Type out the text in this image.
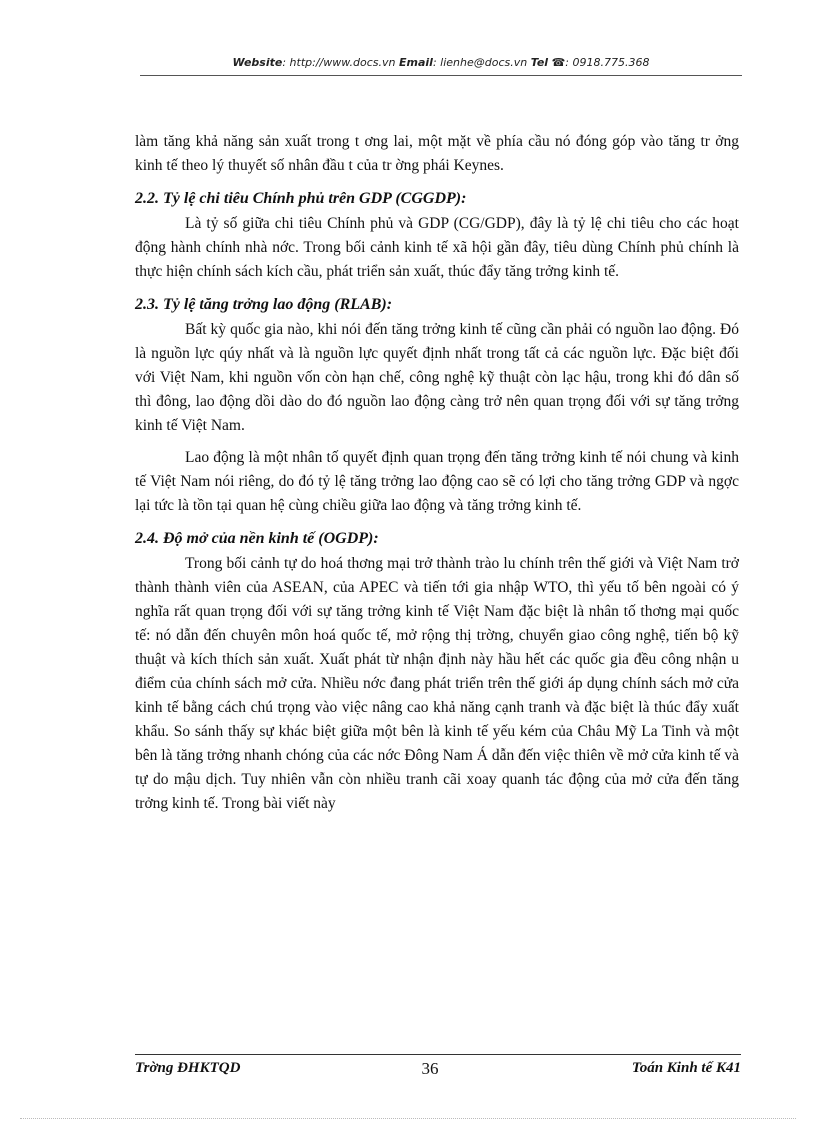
Website: http://www.docs.vn Email: lienhe@docs.vn Tel ☎: 0918.775.368

làm tăng khả năng sản xuất trong t ơng lai, một mặt về phía cầu nó đóng góp vào tăng tr ởng kinh tế theo lý thuyết số nhân đầu t của tr ờng phái Keynes.

2.2. Tỷ lệ chi tiêu Chính phủ trên GDP (CGGDP):

Là tỷ số giữa chi tiêu Chính phủ và GDP (CG/GDP), đây là tỷ lệ chi tiêu cho các hoạt động hành chính nhà nớc. Trong bối cảnh kinh tế xã hội gần đây, tiêu dùng Chính phủ chính là thực hiện chính sách kích cầu, phát triển sản xuất, thúc đẩy tăng trởng kinh tế.

2.3. Tỷ lệ tăng trởng lao động (RLAB):

Bất kỳ quốc gia nào, khi nói đến tăng trởng kinh tế cũng cần phải có nguồn lao động. Đó là nguồn lực qúy nhất và là nguồn lực quyết định nhất trong tất cả các nguồn lực. Đặc biệt đối với Việt Nam, khi nguồn vốn còn hạn chế, công nghệ kỹ thuật còn lạc hậu, trong khi đó dân số thì đông, lao động dồi dào do đó nguồn lao động càng trở nên quan trọng đối với sự tăng trởng kinh tế Việt Nam.

Lao động là một nhân tố quyết định quan trọng đến tăng trởng kinh tế nói chung và kinh tế Việt Nam nói riêng, do đó tỷ lệ tăng trởng lao động cao sẽ có lợi cho tăng trởng GDP và ngợc lại tức là tồn tại quan hệ cùng chiều giữa lao động và tăng trởng kinh tế.

2.4. Độ mở của nền kinh tế (OGDP):

Trong bối cảnh tự do hoá thơng mại trở thành trào lu chính trên thế giới và Việt Nam trở thành thành viên của ASEAN, của APEC và tiến tới gia nhập WTO, thì yếu tố bên ngoài có ý nghĩa rất quan trọng đối với sự tăng trởng kinh tế Việt Nam đặc biệt là nhân tố thơng mại quốc tế: nó dẫn đến chuyên môn hoá quốc tế, mở rộng thị trờng, chuyển giao công nghệ, tiến bộ kỹ thuật và kích thích sản xuất. Xuất phát từ nhận định này hầu hết các quốc gia đều công nhận u điểm của chính sách mở cửa. Nhiều nớc đang phát triển trên thế giới áp dụng chính sách mở cửa kinh tế bằng cách chú trọng vào việc nâng cao khả năng cạnh tranh và đặc biệt là thúc đẩy xuất khẩu. So sánh thấy sự khác biệt giữa một bên là kinh tế yếu kém của Châu Mỹ La Tinh và một bên là tăng trởng nhanh chóng của các nớc Đông Nam Á dẫn đến việc thiên về mở cửa kinh tế và tự do mậu dịch. Tuy nhiên vẫn còn nhiều tranh cãi xoay quanh tác động của mở cửa đến tăng trởng kinh tế. Trong bài viết này

Trờng ĐHKTQD	36	Toán Kinh tế K41
